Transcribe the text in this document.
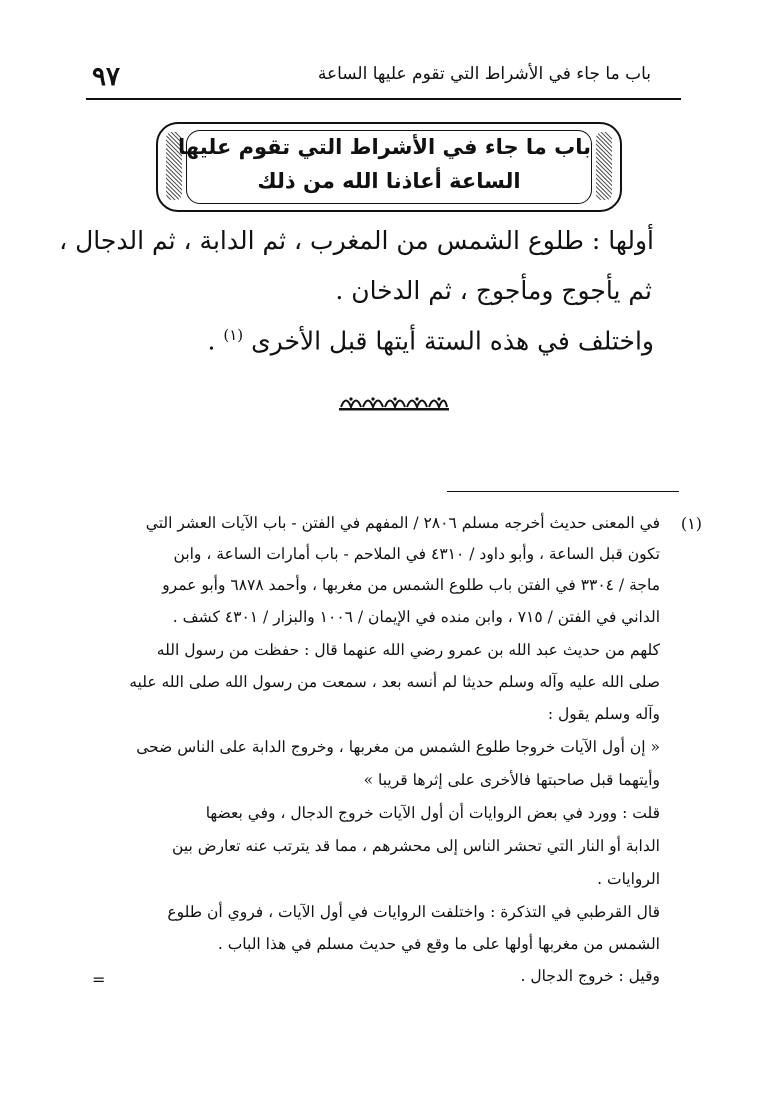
٩٧	باب ما جاء في الأشراط التي تقوم عليها الساعة
باب ما جاء في الأشراط التي تقوم عليها
الساعة أعاذنا الله من ذلك
أولها : طلوع الشمس من المغرب ، ثم الدابة ، ثم الدجال ،
ثم يأجوج ومأجوج ، ثم الدخان .
واختلف في هذه الستة أيتها قبل الأخرى $^{(١)}$ .
(١)
في المعنى حديث أخرجه مسلم ٢٨٠٦ / المفهم في الفتن - باب الآيات العشر التي
تكون قبل الساعة ، وأبو داود / ٤٣١٠ في الملاحم - باب أمارات الساعة ، وابن
ماجة / ٣٣٠٤ في الفتن باب طلوع الشمس من مغربها ، وأحمد ٦٨٧٨ وأبو عمرو
الداني في الفتن / ٧١٥ ، وابن منده في الإيمان / ١٠٠٦ والبزار / ٤٣٠١ كشف .
كلهم من حديث عبد الله بن عمرو رضي الله عنهما قال : حفظت من رسول الله
صلى الله عليه وآله وسلم حديثا لم أنسه بعد ، سمعت من رسول الله صلى الله عليه
وآله وسلم يقول :
« إن أول الآيات خروجا طلوع الشمس من مغربها ، وخروج الدابة على الناس ضحى
وأيتهما قبل صاحبتها فالأخرى على إثرها قريبا »
قلت : وورد في بعض الروايات أن أول الآيات خروج الدجال ، وفي بعضها
الدابة أو النار التي تحشر الناس إلى محشرهم ، مما قد يترتب عنه تعارض بين
الروايات .
قال القرطبي في التذكرة : واختلفت الروايات في أول الآيات ، فروي أن طلوع
الشمس من مغربها أولها على ما وقع في حديث مسلم في هذا الباب .
وقيل : خروج الدجال .
=
